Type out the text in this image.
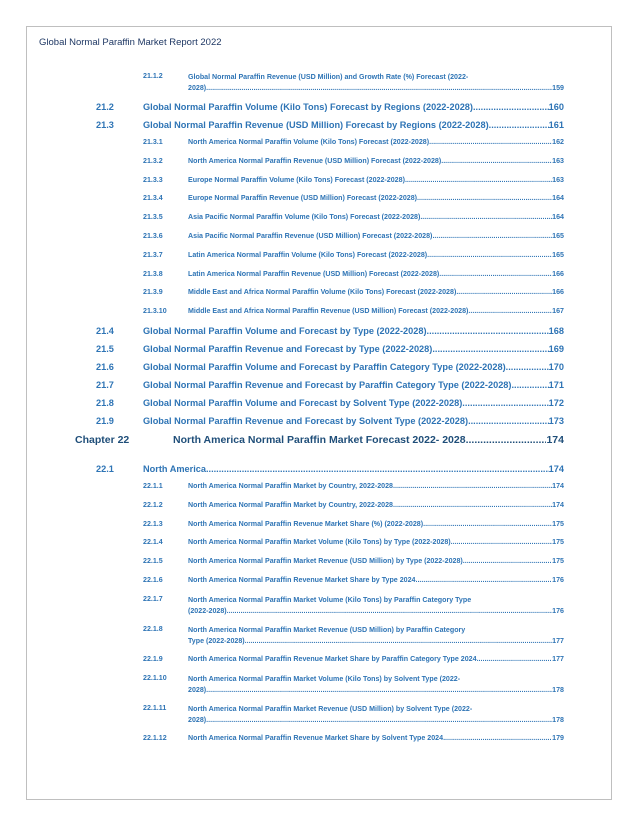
Global Normal Paraffin Market Report 2022
21.1.2	Global Normal Paraffin Revenue (USD Million) and Growth Rate (%) Forecast (2022-
2028) .....	159
21.2	Global Normal Paraffin Volume (Kilo Tons) Forecast by Regions (2022-2028) .....	160
21.3	Global Normal Paraffin Revenue (USD Million) Forecast by Regions (2022-2028) .....	161
21.3.1	North America Normal Paraffin Volume (Kilo Tons) Forecast (2022-2028) .....	162
21.3.2	North America Normal Paraffin Revenue (USD Million) Forecast (2022-2028) .....	163
21.3.3	Europe Normal Paraffin Volume (Kilo Tons) Forecast (2022-2028) .....	163
21.3.4	Europe Normal Paraffin Revenue (USD Million) Forecast (2022-2028) .....	164
21.3.5	Asia Pacific Normal Paraffin Volume (Kilo Tons) Forecast (2022-2028) .....	164
21.3.6	Asia Pacific Normal Paraffin Revenue (USD Million) Forecast (2022-2028) .....	165
21.3.7	Latin America Normal Paraffin Volume (Kilo Tons) Forecast (2022-2028) .....	165
21.3.8	Latin America Normal Paraffin Revenue (USD Million) Forecast (2022-2028) .....	166
21.3.9	Middle East and Africa Normal Paraffin Volume (Kilo Tons) Forecast (2022-2028) .....	166
21.3.10	Middle East and Africa Normal Paraffin Revenue (USD Million) Forecast (2022-2028) .....	167
21.4	Global Normal Paraffin Volume and Forecast by Type (2022-2028) .....	168
21.5	Global Normal Paraffin Revenue and Forecast by Type (2022-2028) .....	169
21.6	Global Normal Paraffin Volume and Forecast by Paraffin Category Type (2022-2028) .....	170
21.7	Global Normal Paraffin Revenue and Forecast by Paraffin Category Type (2022-2028) .....	171
21.8	Global Normal Paraffin Volume and Forecast by Solvent Type (2022-2028) .....	172
21.9	Global Normal Paraffin Revenue and Forecast by Solvent Type (2022-2028) .....	173
Chapter 22	North America Normal Paraffin Market Forecast 2022- 2028 .....	174
22.1	North America .....	174
22.1.1	North America Normal Paraffin Market by Country, 2022-2028 .....	174
22.1.2	North America Normal Paraffin Market by Country, 2022-2028 .....	174
22.1.3	North America Normal Paraffin Revenue Market Share (%) (2022-2028) .....	175
22.1.4	North America Normal Paraffin Market Volume (Kilo Tons) by Type (2022-2028) .....	175
22.1.5	North America Normal Paraffin Market Revenue (USD Million) by Type (2022-2028) .....	175
22.1.6	North America Normal Paraffin Revenue Market Share by Type 2024 .....	176
22.1.7	North America Normal Paraffin Market Volume (Kilo Tons) by Paraffin Category Type
(2022-2028) .....	176
22.1.8	North America Normal Paraffin Market Revenue (USD Million) by Paraffin Category
Type (2022-2028) .....	177
22.1.9	North America Normal Paraffin Revenue Market Share by Paraffin Category Type 2024 .....	177
22.1.10	North America Normal Paraffin Market Volume (Kilo Tons) by Solvent Type (2022-
2028) .....	178
22.1.11	North America Normal Paraffin Market Revenue (USD Million) by Solvent Type (2022-
2028) .....	178
22.1.12	North America Normal Paraffin Revenue Market Share by Solvent Type 2024 .....	179
